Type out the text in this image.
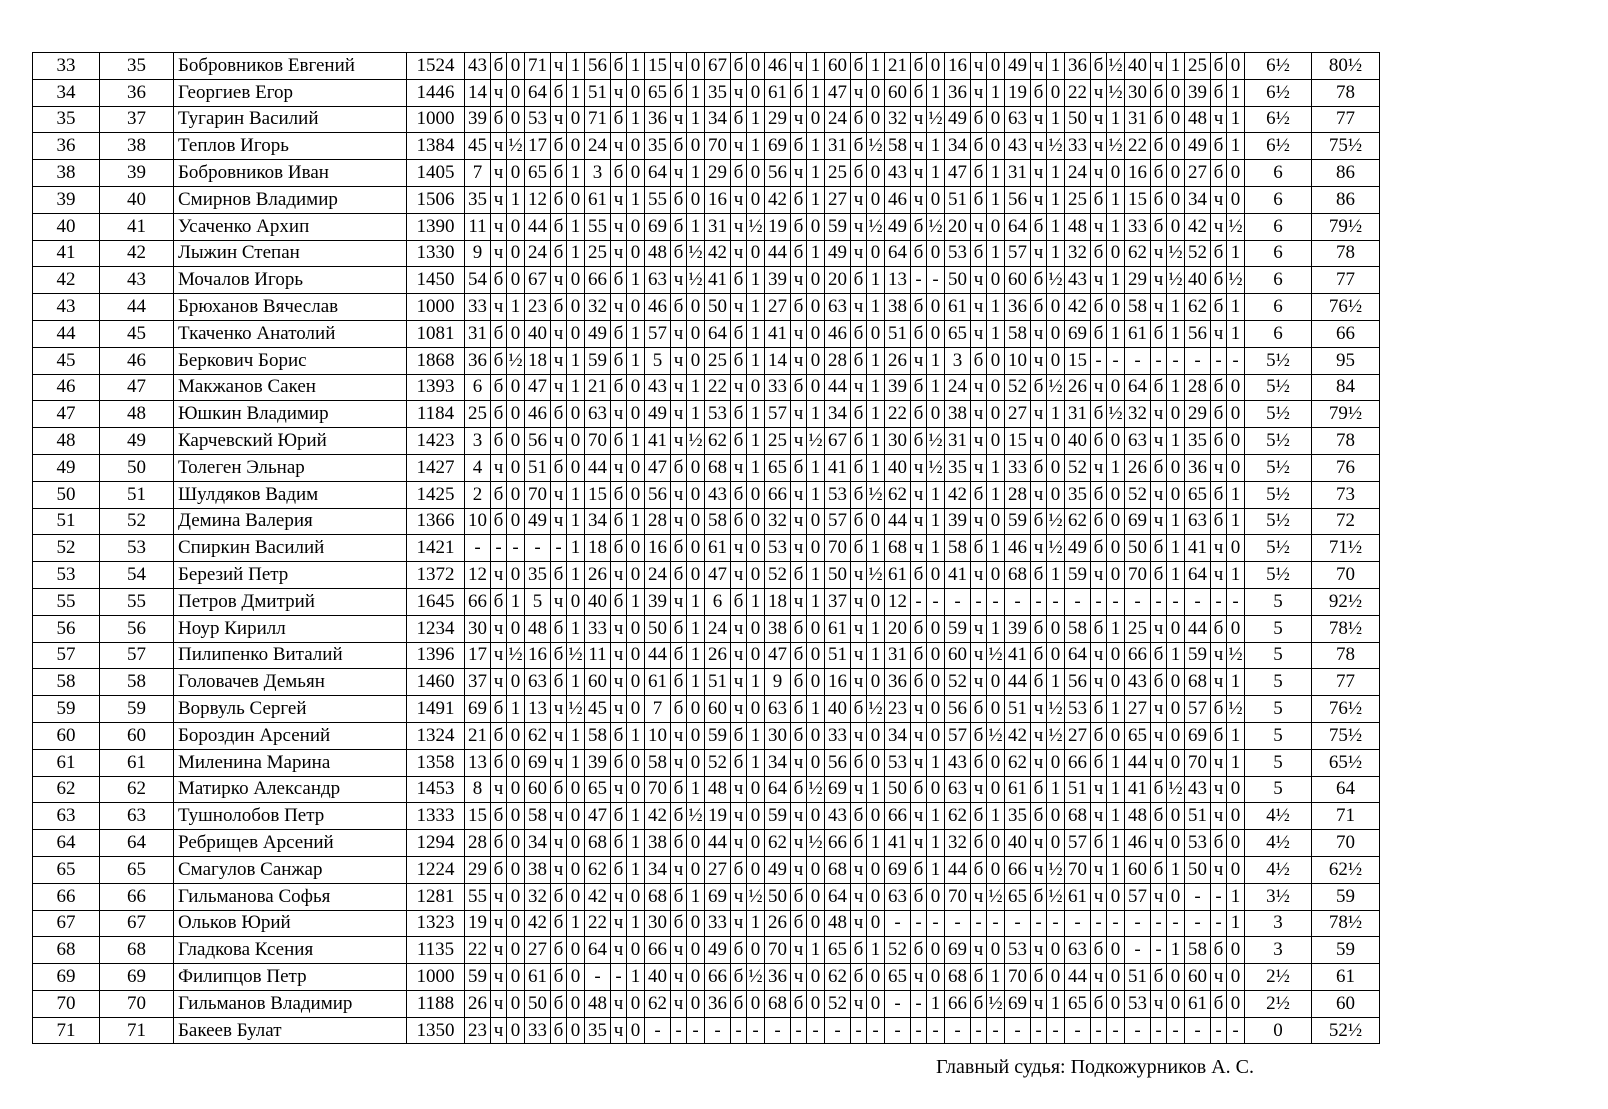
33	35	Бобровников Евгений	1524	43	б	0	71	ч	1	56	б	1	15	ч	0	67	б	0	46	ч	1	60	б	1	21	б	0	16	ч	0	49	ч	1	36	б	½	40	ч	1	25	б	0	6½	80½
34	36	Георгиев Егор	1446	14	ч	0	64	б	1	51	ч	0	65	б	1	35	ч	0	61	б	1	47	ч	0	60	б	1	36	ч	1	19	б	0	22	ч	½	30	б	0	39	б	1	6½	78
35	37	Тугарин Василий	1000	39	б	0	53	ч	0	71	б	1	36	ч	1	34	б	1	29	ч	0	24	б	0	32	ч	½	49	б	0	63	ч	1	50	ч	1	31	б	0	48	ч	1	6½	77
36	38	Теплов Игорь	1384	45	ч	½	17	б	0	24	ч	0	35	б	0	70	ч	1	69	б	1	31	б	½	58	ч	1	34	б	0	43	ч	½	33	ч	½	22	б	0	49	б	1	6½	75½
38	39	Бобровников Иван	1405	7	ч	0	65	б	1	3	б	0	64	ч	1	29	б	0	56	ч	1	25	б	0	43	ч	1	47	б	1	31	ч	1	24	ч	0	16	б	0	27	б	0	6	86
39	40	Смирнов Владимир	1506	35	ч	1	12	б	0	61	ч	1	55	б	0	16	ч	0	42	б	1	27	ч	0	46	ч	0	51	б	1	56	ч	1	25	б	1	15	б	0	34	ч	0	6	86
40	41	Усаченко Архип	1390	11	ч	0	44	б	1	55	ч	0	69	б	1	31	ч	½	19	б	0	59	ч	½	49	б	½	20	ч	0	64	б	1	48	ч	1	33	б	0	42	ч	½	6	79½
41	42	Лыжин Степан	1330	9	ч	0	24	б	1	25	ч	0	48	б	½	42	ч	0	44	б	1	49	ч	0	64	б	0	53	б	1	57	ч	1	32	б	0	62	ч	½	52	б	1	6	78
42	43	Мочалов Игорь	1450	54	б	0	67	ч	0	66	б	1	63	ч	½	41	б	1	39	ч	0	20	б	1	13	-	-	50	ч	0	60	б	½	43	ч	1	29	ч	½	40	б	½	6	77
43	44	Брюханов Вячеслав	1000	33	ч	1	23	б	0	32	ч	0	46	б	0	50	ч	1	27	б	0	63	ч	1	38	б	0	61	ч	1	36	б	0	42	б	0	58	ч	1	62	б	1	6	76½
44	45	Ткаченко Анатолий	1081	31	б	0	40	ч	0	49	б	1	57	ч	0	64	б	1	41	ч	0	46	б	0	51	б	0	65	ч	1	58	ч	0	69	б	1	61	б	1	56	ч	1	6	66
45	46	Беркович Борис	1868	36	б	½	18	ч	1	59	б	1	5	ч	0	25	б	1	14	ч	0	28	б	1	26	ч	1	3	б	0	10	ч	0	15	-	-	-	-	-	-	-	-	5½	95
46	47	Макжанов Сакен	1393	6	б	0	47	ч	1	21	б	0	43	ч	1	22	ч	0	33	б	0	44	ч	1	39	б	1	24	ч	0	52	б	½	26	ч	0	64	б	1	28	б	0	5½	84
47	48	Юшкин Владимир	1184	25	б	0	46	б	0	63	ч	0	49	ч	1	53	б	1	57	ч	1	34	б	1	22	б	0	38	ч	0	27	ч	1	31	б	½	32	ч	0	29	б	0	5½	79½
48	49	Карчевский Юрий	1423	3	б	0	56	ч	0	70	б	1	41	ч	½	62	б	1	25	ч	½	67	б	1	30	б	½	31	ч	0	15	ч	0	40	б	0	63	ч	1	35	б	0	5½	78
49	50	Толеген Эльнар	1427	4	ч	0	51	б	0	44	ч	0	47	б	0	68	ч	1	65	б	1	41	б	1	40	ч	½	35	ч	1	33	б	0	52	ч	1	26	б	0	36	ч	0	5½	76
50	51	Шулдяков Вадим	1425	2	б	0	70	ч	1	15	б	0	56	ч	0	43	б	0	66	ч	1	53	б	½	62	ч	1	42	б	1	28	ч	0	35	б	0	52	ч	0	65	б	1	5½	73
51	52	Демина Валерия	1366	10	б	0	49	ч	1	34	б	1	28	ч	0	58	б	0	32	ч	0	57	б	0	44	ч	1	39	ч	0	59	б	½	62	б	0	69	ч	1	63	б	1	5½	72
52	53	Спиркин Василий	1421	-	-	-	-	-	1	18	б	0	16	б	0	61	ч	0	53	ч	0	70	б	1	68	ч	1	58	б	1	46	ч	½	49	б	0	50	б	1	41	ч	0	5½	71½
53	54	Березий Петр	1372	12	ч	0	35	б	1	26	ч	0	24	б	0	47	ч	0	52	б	1	50	ч	½	61	б	0	41	ч	0	68	б	1	59	ч	0	70	б	1	64	ч	1	5½	70
55	55	Петров Дмитрий	1645	66	б	1	5	ч	0	40	б	1	39	ч	1	6	б	1	18	ч	1	37	ч	0	12	-	-	-	-	-	-	-	-	-	-	-	-	-	-	-	-	-	5	92½
56	56	Ноур Кирилл	1234	30	ч	0	48	б	1	33	ч	0	50	б	1	24	ч	0	38	б	0	61	ч	1	20	б	0	59	ч	1	39	б	0	58	б	1	25	ч	0	44	б	0	5	78½
57	57	Пилипенко Виталий	1396	17	ч	½	16	б	½	11	ч	0	44	б	1	26	ч	0	47	б	0	51	ч	1	31	б	0	60	ч	½	41	б	0	64	ч	0	66	б	1	59	ч	½	5	78
58	58	Головачев Демьян	1460	37	ч	0	63	б	1	60	ч	0	61	б	1	51	ч	1	9	б	0	16	ч	0	36	б	0	52	ч	0	44	б	1	56	ч	0	43	б	0	68	ч	1	5	77
59	59	Ворвуль Сергей	1491	69	б	1	13	ч	½	45	ч	0	7	б	0	60	ч	0	63	б	1	40	б	½	23	ч	0	56	б	0	51	ч	½	53	б	1	27	ч	0	57	б	½	5	76½
60	60	Бороздин Арсений	1324	21	б	0	62	ч	1	58	б	1	10	ч	0	59	б	1	30	б	0	33	ч	0	34	ч	0	57	б	½	42	ч	½	27	б	0	65	ч	0	69	б	1	5	75½
61	61	Миленина Марина	1358	13	б	0	69	ч	1	39	б	0	58	ч	0	52	б	1	34	ч	0	56	б	0	53	ч	1	43	б	0	62	ч	0	66	б	1	44	ч	0	70	ч	1	5	65½
62	62	Матирко Александр	1453	8	ч	0	60	б	0	65	ч	0	70	б	1	48	ч	0	64	б	½	69	ч	1	50	б	0	63	ч	0	61	б	1	51	ч	1	41	б	½	43	ч	0	5	64
63	63	Тушнолобов Петр	1333	15	б	0	58	ч	0	47	б	1	42	б	½	19	ч	0	59	ч	0	43	б	0	66	ч	1	62	б	1	35	б	0	68	ч	1	48	б	0	51	ч	0	4½	71
64	64	Ребрищев Арсений	1294	28	б	0	34	ч	0	68	б	1	38	б	0	44	ч	0	62	ч	½	66	б	1	41	ч	1	32	б	0	40	ч	0	57	б	1	46	ч	0	53	б	0	4½	70
65	65	Смагулов Санжар	1224	29	б	0	38	ч	0	62	б	1	34	ч	0	27	б	0	49	ч	0	68	ч	0	69	б	1	44	б	0	66	ч	½	70	ч	1	60	б	1	50	ч	0	4½	62½
66	66	Гильманова Софья	1281	55	ч	0	32	б	0	42	ч	0	68	б	1	69	ч	½	50	б	0	64	ч	0	63	б	0	70	ч	½	65	б	½	61	ч	0	57	ч	0	-	-	1	3½	59
67	67	Ольков Юрий	1323	19	ч	0	42	б	1	22	ч	1	30	б	0	33	ч	1	26	б	0	48	ч	0	-	-	-	-	-	-	-	-	-	-	-	-	-	-	-	-	-	1	3	78½
68	68	Гладкова Ксения	1135	22	ч	0	27	б	0	64	ч	0	66	ч	0	49	б	0	70	ч	1	65	б	1	52	б	0	69	ч	0	53	ч	0	63	б	0	-	-	1	58	б	0	3	59
69	69	Филипцов Петр	1000	59	ч	0	61	б	0	-	-	1	40	ч	0	66	б	½	36	ч	0	62	б	0	65	ч	0	68	б	1	70	б	0	44	ч	0	51	б	0	60	ч	0	2½	61
70	70	Гильманов Владимир	1188	26	ч	0	50	б	0	48	ч	0	62	ч	0	36	б	0	68	б	0	52	ч	0	-	-	1	66	б	½	69	ч	1	65	б	0	53	ч	0	61	б	0	2½	60
71	71	Бакеев Булат	1350	23	ч	0	33	б	0	35	ч	0	-	-	-	-	-	-	-	-	-	-	-	-	-	-	-	-	-	-	-	-	-	-	-	-	-	-	-	-	-	-	0	52½
Главный судья: Подкожурников А. С.
